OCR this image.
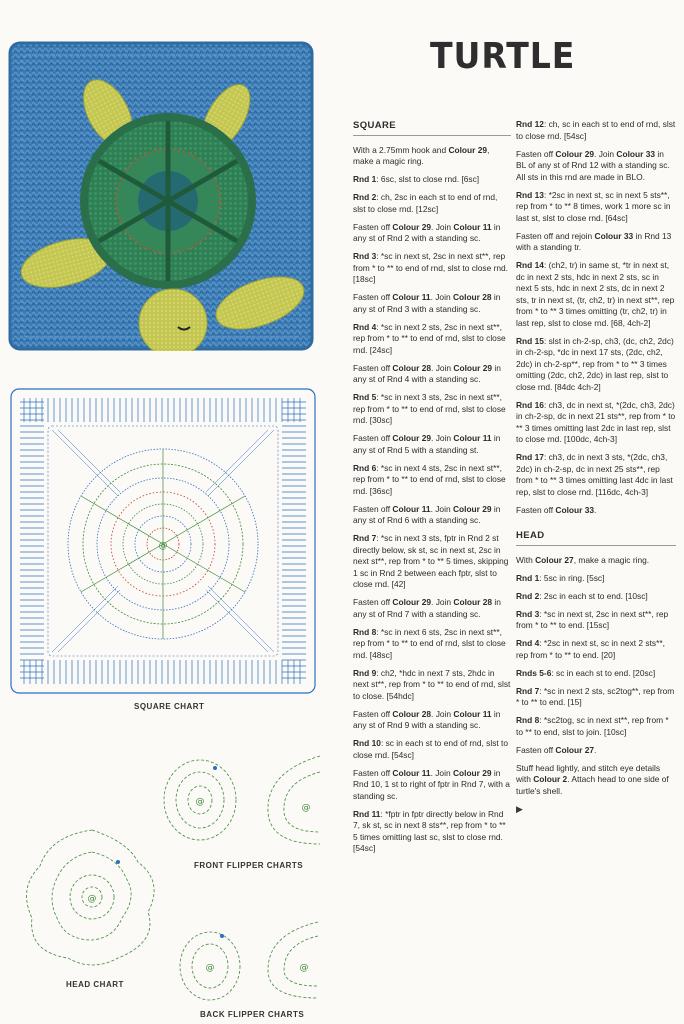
@
SQUARE CHART
@
@
FRONT FLIPPER CHARTS
@
HEAD CHART
@	@
BACK FLIPPER CHARTS
TURTLE
SQUARE

With a 2.75mm hook and Colour 29, make a magic ring.

Rnd 1: 6sc, slst to close rnd. [6sc]

Rnd 2: ch, 2sc in each st to end of rnd, slst to close rnd. [12sc]

Fasten off Colour 29. Join Colour 11 in any st of Rnd 2 with a standing sc.

Rnd 3: *sc in next st, 2sc in next st**, rep from * to ** to end of rnd, slst to close rnd. [18sc]

Fasten off Colour 11. Join Colour 28 in any st of Rnd 3 with a standing sc.

Rnd 4: *sc in next 2 sts, 2sc in next st**, rep from * to ** to end of rnd, slst to close rnd. [24sc]

Fasten off Colour 28. Join Colour 29 in any st of Rnd 4 with a standing sc.

Rnd 5: *sc in next 3 sts, 2sc in next st**, rep from * to ** to end of rnd, slst to close rnd. [30sc]

Fasten off Colour 29. Join Colour 11 in any st of Rnd 5 with a standing st.

Rnd 6: *sc in next 4 sts, 2sc in next st**, rep from * to ** to end of rnd, slst to close rnd. [36sc]

Fasten off Colour 11. Join Colour 29 in any st of Rnd 6 with a standing sc.

Rnd 7: *sc in next 3 sts, fptr in Rnd 2 st directly below, sk st, sc in next st, 2sc in next st**, rep from * to ** 5 times, skipping 1 sc in Rnd 2 between each fptr, slst to close rnd. [42]

Fasten off Colour 29. Join Colour 28 in any st of Rnd 7 with a standing sc.

Rnd 8: *sc in next 6 sts, 2sc in next st**, rep from * to ** to end of rnd, slst to close rnd. [48sc]

Rnd 9: ch2, *hdc in next 7 sts, 2hdc in next st**, rep from * to ** to end of rnd, slst to close. [54hdc]

Fasten off Colour 28. Join Colour 11 in any st of Rnd 9 with a standing sc.

Rnd 10: sc in each st to end of rnd, slst to close rnd. [54sc]

Fasten off Colour 11. Join Colour 29 in Rnd 10, 1 st to right of fptr in Rnd 7, with a standing sc.

Rnd 11: *fptr in fptr directly below in Rnd 7, sk st, sc in next 8 sts**, rep from * to ** 5 times omitting last sc, slst to close rnd. [54sc]

Rnd 12: ch, sc in each st to end of rnd, slst to close rnd. [54sc]

Fasten off Colour 29. Join Colour 33 in BL of any st of Rnd 12 with a standing sc. All sts in this rnd are made in BLO.

Rnd 13: *2sc in next st, sc in next 5 sts**, rep from * to ** 8 times, work 1 more sc in last st, slst to close rnd. [64sc]

Fasten off and rejoin Colour 33 in Rnd 13 with a standing tr.

Rnd 14: (ch2, tr) in same st, *tr in next st, dc in next 2 sts, hdc in next 2 sts, sc in next 5 sts, hdc in next 2 sts, dc in next 2 sts, tr in next st, (tr, ch2, tr) in next st**, rep from * to ** 3 times omitting (tr, ch2, tr) in last rep, slst to close rnd. [68, 4ch-2]

Rnd 15: slst in ch-2-sp, ch3, (dc, ch2, 2dc) in ch-2-sp, *dc in next 17 sts, (2dc, ch2, 2dc) in ch-2-sp**, rep from * to ** 3 times omitting (2dc, ch2, 2dc) in last rep, slst to close rnd. [84dc 4ch-2]

Rnd 16: ch3, dc in next st, *(2dc, ch3, 2dc) in ch-2-sp, dc in next 21 sts**, rep from * to ** 3 times omitting last 2dc in last rep, slst to close rnd. [100dc, 4ch-3]

Rnd 17: ch3, dc in next 3 sts, *(2dc, ch3, 2dc) in ch-2-sp, dc in next 25 sts**, rep from * to ** 3 times omitting last 4dc in last rep, slst to close rnd. [116dc, 4ch-3]

Fasten off Colour 33.

HEAD

With Colour 27, make a magic ring.

Rnd 1: 5sc in ring. [5sc]

Rnd 2: 2sc in each st to end. [10sc]

Rnd 3: *sc in next st, 2sc in next st**, rep from * to ** to end. [15sc]

Rnd 4: *2sc in next st, sc in next 2 sts**, rep from * to ** to end. [20]

Rnds 5-6: sc in each st to end. [20sc]

Rnd 7: *sc in next 2 sts, sc2tog**, rep from * to ** to end. [15]

Rnd 8: *sc2tog, sc in next st**, rep from * to ** to end, slst to join. [10sc]

Fasten off Colour 27.

Stuff head lightly, and stitch eye details with Colour 2. Attach head to one side of turtle's shell.

▶
